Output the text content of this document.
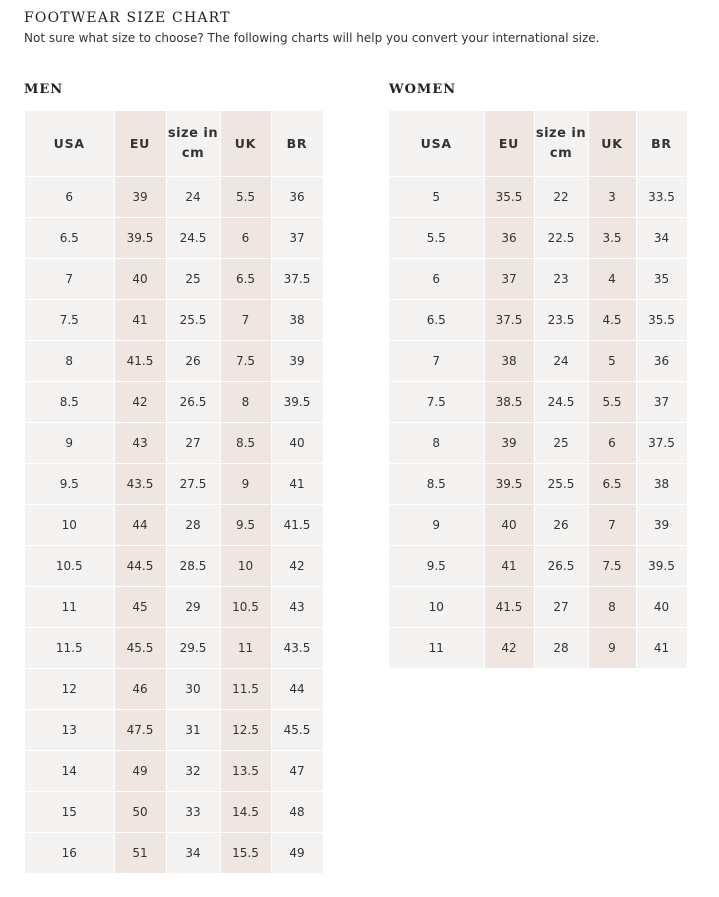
FOOTWEAR SIZE CHART
Not sure what size to choose? The following charts will help you convert your international size.
MEN	WOMEN
USA	EU	size in cm	UK	BR
6	39	24	5.5	36
6.5	39.5	24.5	6	37
7	40	25	6.5	37.5
7.5	41	25.5	7	38
8	41.5	26	7.5	39
8.5	42	26.5	8	39.5
9	43	27	8.5	40
9.5	43.5	27.5	9	41
10	44	28	9.5	41.5
10.5	44.5	28.5	10	42
11	45	29	10.5	43
11.5	45.5	29.5	11	43.5
12	46	30	11.5	44
13	47.5	31	12.5	45.5
14	49	32	13.5	47
15	50	33	14.5	48
16	51	34	15.5	49
USA	EU	size in cm	UK	BR
5	35.5	22	3	33.5
5.5	36	22.5	3.5	34
6	37	23	4	35
6.5	37.5	23.5	4.5	35.5
7	38	24	5	36
7.5	38.5	24.5	5.5	37
8	39	25	6	37.5
8.5	39.5	25.5	6.5	38
9	40	26	7	39
9.5	41	26.5	7.5	39.5
10	41.5	27	8	40
11	42	28	9	41
